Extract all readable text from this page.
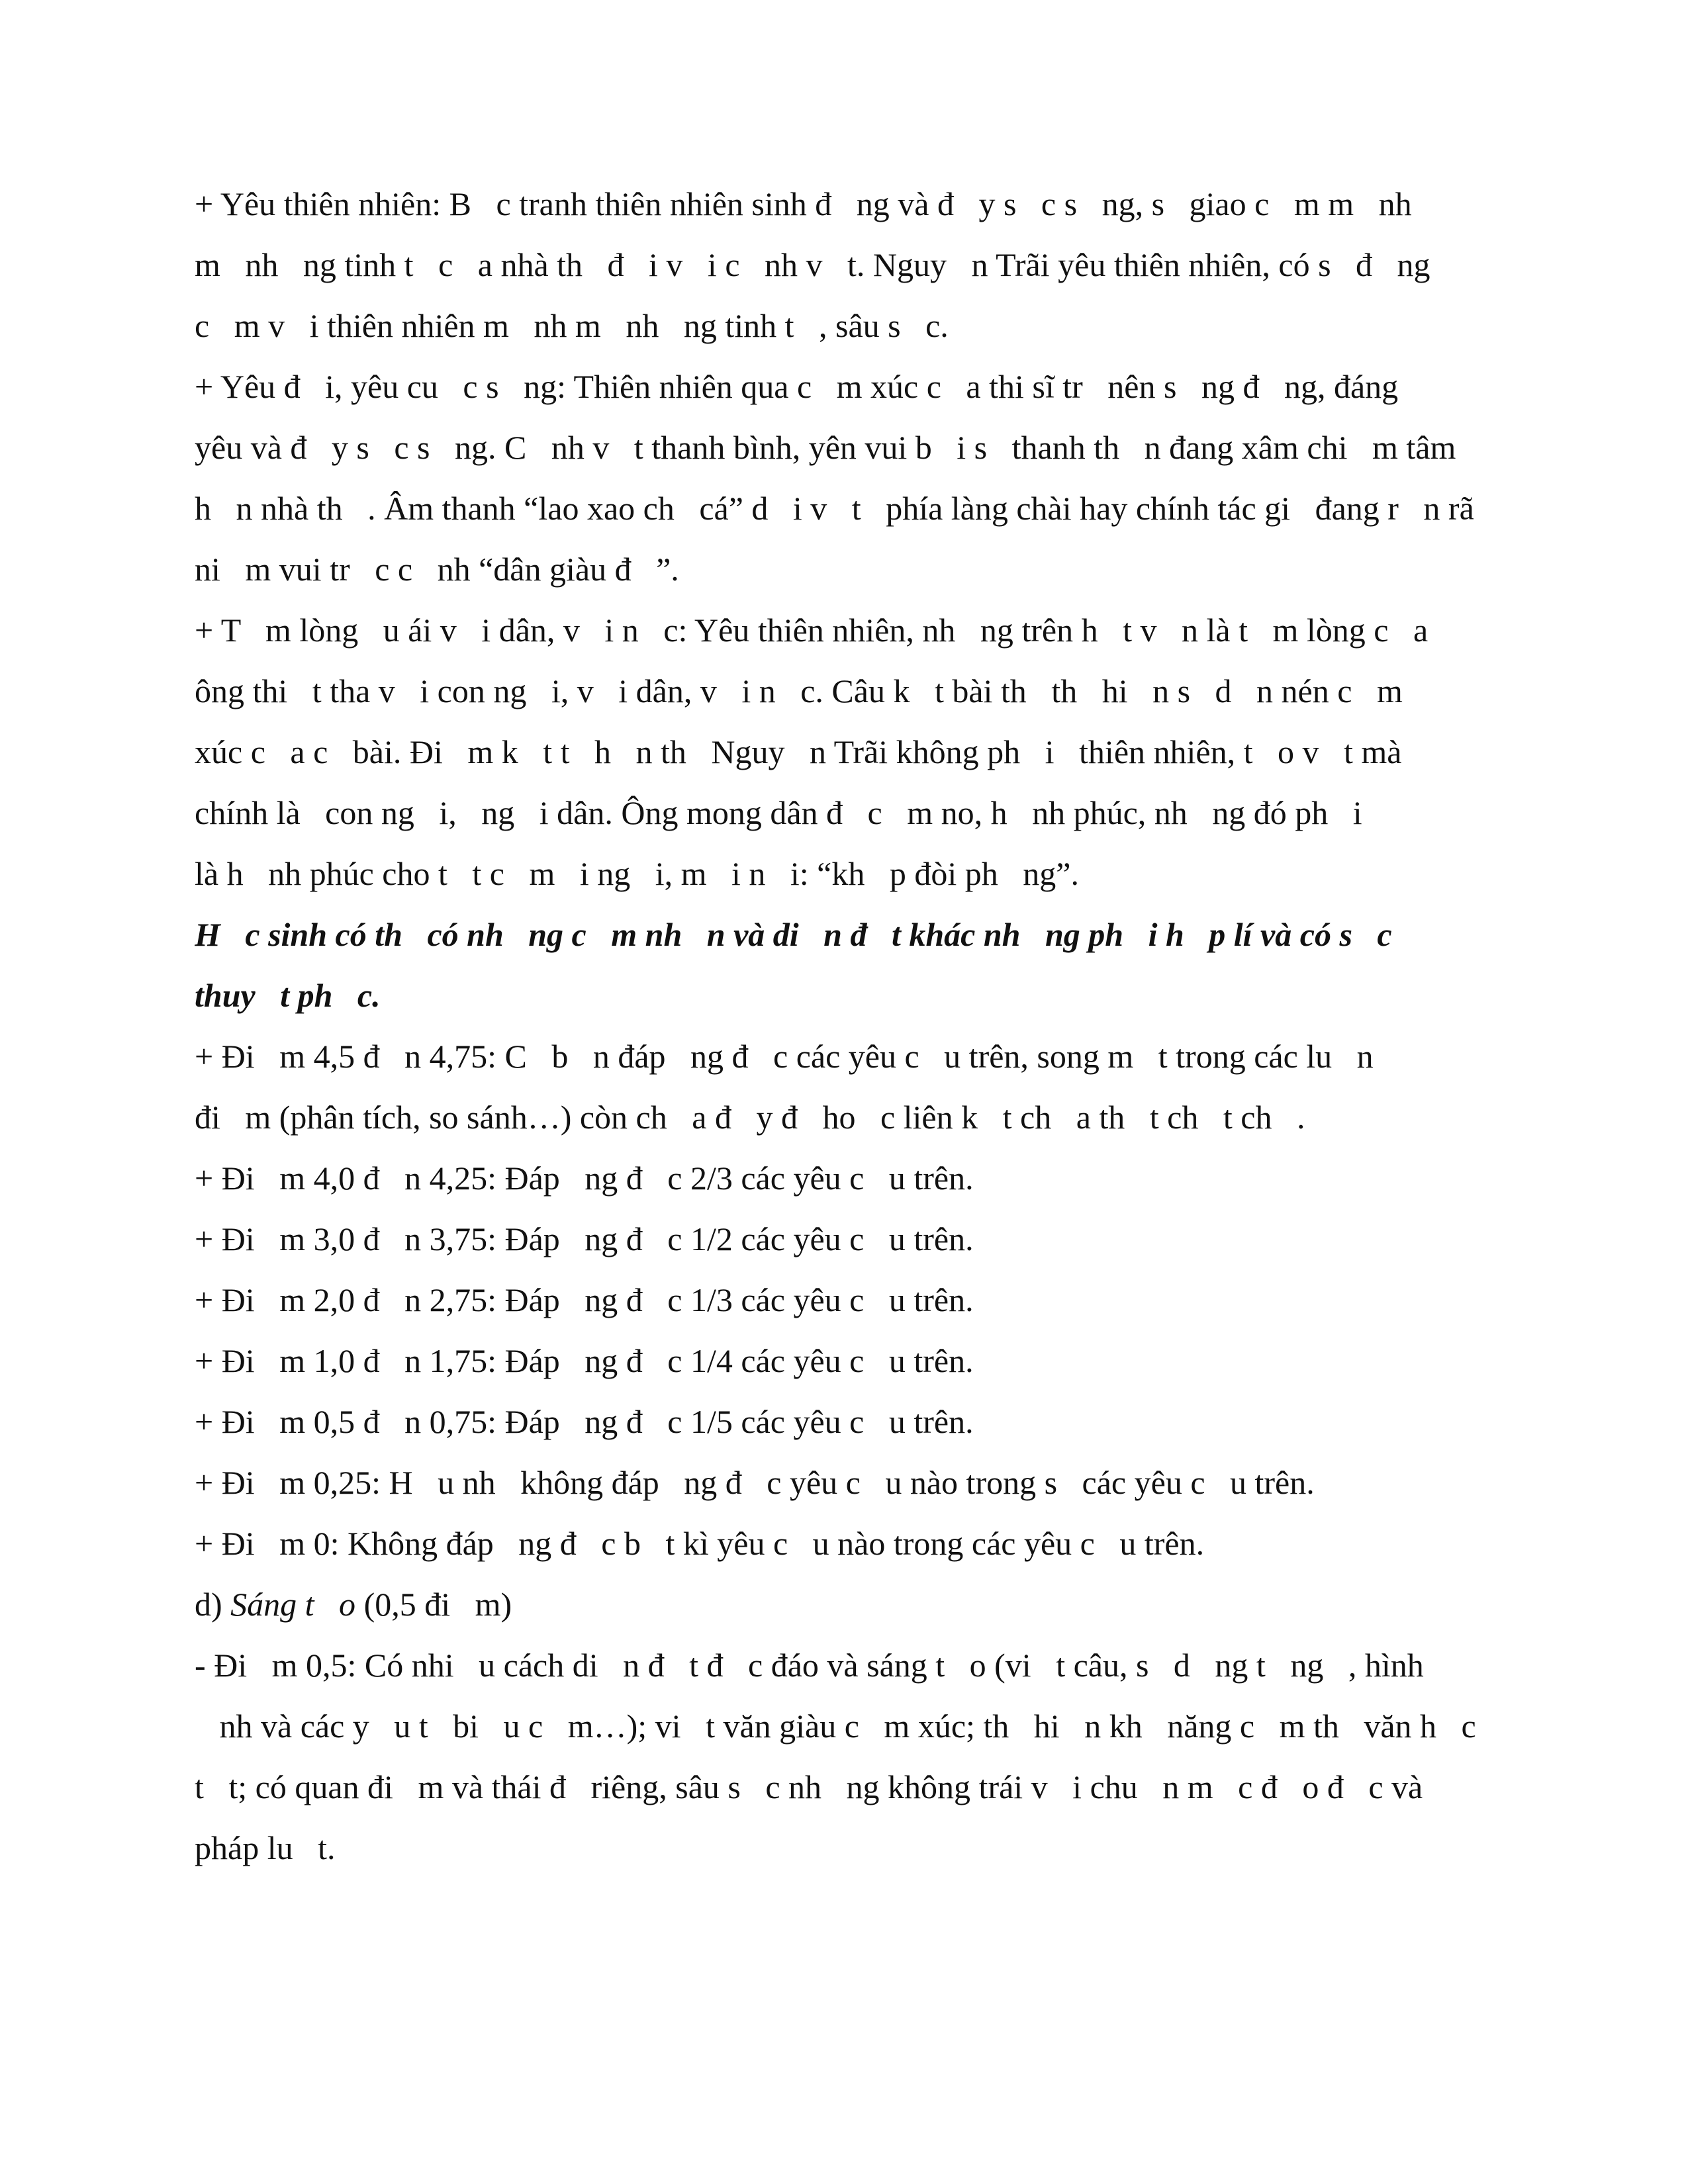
+ Yêu thiên nhiên: B   c tranh thiên nhiên sinh đ   ng và đ   y s   c s   ng, s   giao c   m m   nh
m   nh   ng tinh t   c   a nhà th   đ   i v   i c   nh v   t. Nguy   n Trãi yêu thiên nhiên, có s   đ   ng
c   m v   i thiên nhiên m   nh m   nh   ng tinh t   , sâu s   c.
+ Yêu đ   i, yêu cu   c s   ng: Thiên nhiên qua c   m xúc c   a thi sĩ tr   nên s   ng đ   ng, đáng
yêu và đ   y s   c s   ng. C   nh v   t thanh bình, yên vui b   i s   thanh th   n đang xâm chi   m tâm
h   n nhà th   . Âm thanh “lao xao ch   cá” d   i v   t   phía làng chài hay chính tác gi   đang r   n rã
ni   m vui tr   c c   nh “dân giàu đ   ”.
+ T   m lòng   u ái v   i dân, v   i n   c: Yêu thiên nhiên, nh   ng trên h   t v   n là t   m lòng c   a
ông thi   t tha v   i con ng   i, v   i dân, v   i n   c. Câu k   t bài th   th   hi   n s   d   n nén c   m
xúc c   a c   bài. Đi   m k   t t   h   n th   Nguy   n Trãi không ph   i   thiên nhiên, t   o v   t mà
chính là   con ng   i,   ng   i dân. Ông mong dân đ   c   m no, h   nh phúc, nh   ng đó ph   i
là h   nh phúc cho t   t c   m   i ng   i, m   i n   i: “kh   p đòi ph   ng”.
H   c sinh có th   có nh   ng c   m nh   n và di   n đ   t khác nh   ng ph   i h   p lí và có s   c
thuy   t ph   c.
+ Đi   m 4,5 đ   n 4,75: C   b   n đáp   ng đ   c các yêu c   u trên, song m   t trong các lu   n
đi   m (phân tích, so sánh…) còn ch   a đ   y đ   ho   c liên k   t ch   a th   t ch   t ch   .
+ Đi   m 4,0 đ   n 4,25: Đáp   ng đ   c 2/3 các yêu c   u trên.
+ Đi   m 3,0 đ   n 3,75: Đáp   ng đ   c 1/2 các yêu c   u trên.
+ Đi   m 2,0 đ   n 2,75: Đáp   ng đ   c 1/3 các yêu c   u trên.
+ Đi   m 1,0 đ   n 1,75: Đáp   ng đ   c 1/4 các yêu c   u trên.
+ Đi   m 0,5 đ   n 0,75: Đáp   ng đ   c 1/5 các yêu c   u trên.
+ Đi   m 0,25: H   u nh   không đáp   ng đ   c yêu c   u nào trong s   các yêu c   u trên.
+ Đi   m 0: Không đáp   ng đ   c b   t kì yêu c   u nào trong các yêu c   u trên.
d) Sáng t   o (0,5 đi   m)
- Đi   m 0,5: Có nhi   u cách di   n đ   t đ   c đáo và sáng t   o (vi   t câu, s   d   ng t   ng   , hình
nh và các y   u t   bi   u c   m…); vi   t văn giàu c   m xúc; th   hi   n kh   năng c   m th   văn h   c
t   t; có quan đi   m và thái đ   riêng, sâu s   c nh   ng không trái v   i chu   n m   c đ   o đ   c và
pháp lu   t.
